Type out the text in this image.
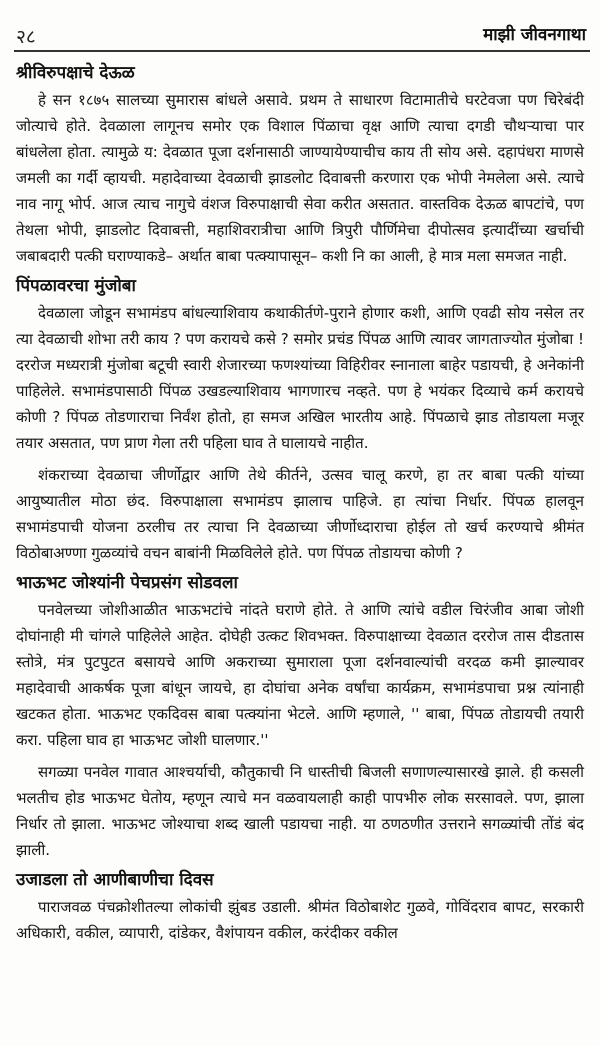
२८	माझी जीवनगाथा
श्रीविरुपक्षाचे देऊळ

हे सन १८७५ सालच्या सुमारास बांधले असावे. प्रथम ते साधारण विटामातीचे घरटेवजा पण चिरेबंदी जोत्याचे होते. देवळाला लागूनच समोर एक विशाल पिंळाचा वृक्ष आणि त्याचा दगडी चौथऱ्याचा पार बांधलेला होता. त्यामुळे य: देवळात पूजा दर्शनासाठी जाण्यायेण्याचीच काय ती सोय असे. दहापंधरा माणसे जमली का गर्दी व्हायची. महादेवाच्या देवळाची झाडलोट दिवाबत्ती करणारा एक भोपी नेमलेला असे. त्याचे नाव नागू भोर्प. आज त्याच नागुचे वंशज विरुपाक्षाची सेवा करीत असतात. वास्तविक देऊळ बापटांचे, पण तेथला भोपी, झाडलोट दिवाबत्ती, महाशिवरात्रीचा आणि त्रिपुरी पौर्णिमेचा दीपोत्सव इत्यादींच्या खर्चाची जबाबदारी पत्की घराण्याकडे– अर्थात बाबा पत्क्यापासून– कशी नि का आली, हे मात्र मला समजत नाही.

पिंपळावरचा मुंजोबा

देवळाला जोडून सभामंडप बांधल्याशिवाय कथाकीर्तणे-पुराने होणार कशी, आणि एवढी सोय नसेल तर त्या देवळाची शोभा तरी काय ? पण करायचे कसे ? समोर प्रचंड पिंपळ आणि त्यावर जागताज्योत मुंजोबा ! दररोज मध्यरात्री मुंजोबा बटूची स्वारी शेजारच्या फणश्यांच्या विहिरीवर स्नानाला बाहेर पडायची, हे अनेकांनी पाहिलेले. सभामंडपासाठी पिंपळ उखडल्याशिवाय भागणारच नव्हते. पण हे भयंकर दिव्याचे कर्म करायचे कोणी ? पिंपळ तोडणाराचा निर्वंश होतो, हा समज अखिल भारतीय आहे. पिंपळाचे झाड तोडायला मजूर तयार असतात, पण प्राण गेला तरी पहिला घाव ते घालायचे नाहीत.

शंकराच्या देवळाचा जीर्णोद्वार आणि तेथे कीर्तने, उत्सव चालू करणे, हा तर बाबा पत्की यांच्या आयुष्यातील मोठा छंद. विरुपाक्षाला सभामंडप झालाच पाहिजे. हा त्यांचा निर्धार. पिंपळ हालवून सभामंडपाची योजना ठरलीच तर त्याचा नि देवळाच्या जीर्णोध्दाराचा होईल तो खर्च करण्याचे श्रीमंत विठोबाअण्णा गुळव्यांचे वचन बाबांनी मिळविलेले होते. पण पिंपळ तोडायचा कोणी ?

भाऊभट जोश्यांनी पेचप्रसंग सोडवला

पनवेलच्या जोशीआळीत भाऊभटांचे नांदते घराणे होते. ते आणि त्यांचे वडील चिरंजीव आबा जोशी दोघांनाही मी चांगले पाहिलेले आहेत. दोघेही उत्कट शिवभक्त. विरुपाक्षाच्या देवळात दररोज तास दीडतास स्तोत्रे, मंत्र पुटपुटत बसायचे आणि अकराच्या सुमाराला पूजा दर्शनवाल्यांची वरदळ कमी झाल्यावर महादेवाची आकर्षक पूजा बांधून जायचे, हा दोघांचा अनेक वर्षांचा कार्यक्रम, सभामंडपाचा प्रश्न त्यांनाही खटकत होता. भाऊभट एकदिवस बाबा पत्क्यांना भेटले. आणि म्हणाले, '' बाबा, पिंपळ तोडायची तयारी करा. पहिला घाव हा भाऊभट जोशी घालणार.''

सगळ्या पनवेल गावात आश्चर्याची, कौतुकाची नि धास्तीची बिजली सणाणल्यासारखे झाले. ही कसली भलतीच होड भाऊभट घेतोय, म्हणून त्याचे मन वळवायलाही काही पापभीरु लोक सरसावले. पण, झाला निर्धार तो झाला. भाऊभट जोश्याचा शब्द खाली पडायचा नाही. या ठणठणीत उत्तराने सगळ्यांची तोंडं बंद झाली.

उजाडला तो आणीबाणीचा दिवस

पाराजवळ पंचक्रोशीतल्या लोकांची झुंबड उडाली. श्रीमंत विठोबाशेट गुळवे, गोविंदराव बापट, सरकारी अधिकारी, वकील, व्यापारी, दांडेकर, वैशंपायन वकील, करंदीकर वकील
